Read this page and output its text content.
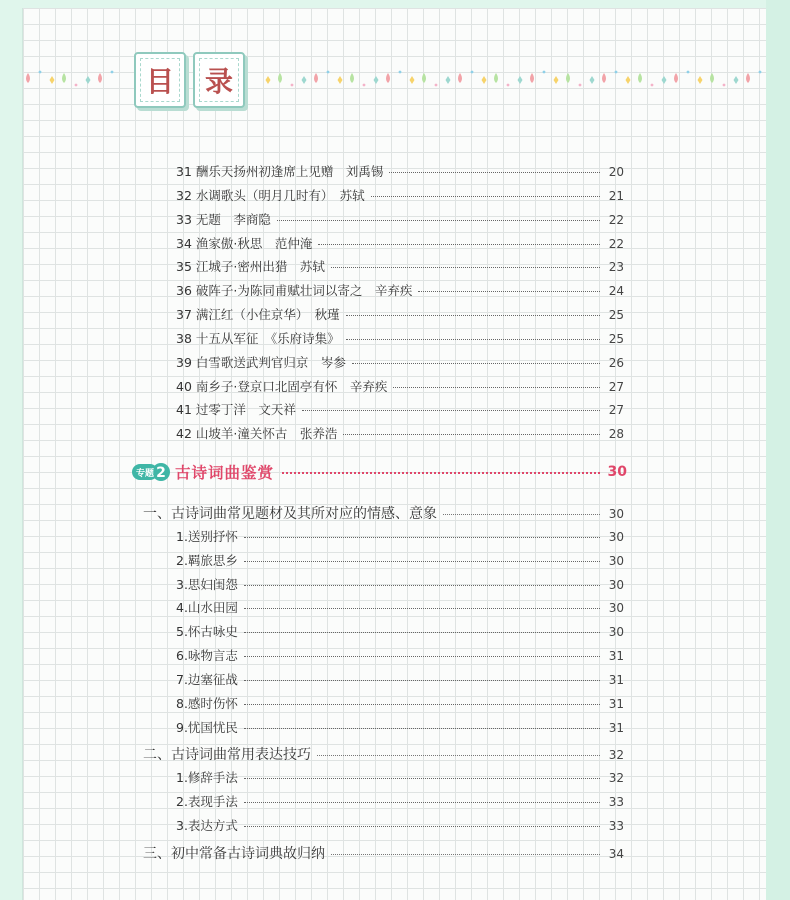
目 录
31 酬乐天扬州初逢席上见赠　刘禹锡	20
32 水调歌头（明月几时有）　苏轼	21
33 无题　李商隐	22
34 渔家傲·秋思　范仲淹	22
35 江城子·密州出猎　苏轼	23
36 破阵子·为陈同甫赋壮词以寄之　辛弃疾	24
37 满江红（小住京华）　秋瑾	25
38 十五从军征　《乐府诗集》	25
39 白雪歌送武判官归京　岑参	26
40 南乡子·登京口北固亭有怀　辛弃疾	27
41 过零丁洋　文天祥	27
42 山坡羊·潼关怀古　张养浩	28
专题 2 古诗词曲鉴赏	30
一、古诗词曲常见题材及其所对应的情感、意象	30
1.送别抒怀	30
2.羁旅思乡	30
3.思妇闺怨	30
4.山水田园	30
5.怀古咏史	30
6.咏物言志	31
7.边塞征战	31
8.感时伤怀	31
9.忧国忧民	31
二、古诗词曲常用表达技巧	32
1.修辞手法	32
2.表现手法	33
3.表达方式	33
三、初中常备古诗词典故归纳	34
